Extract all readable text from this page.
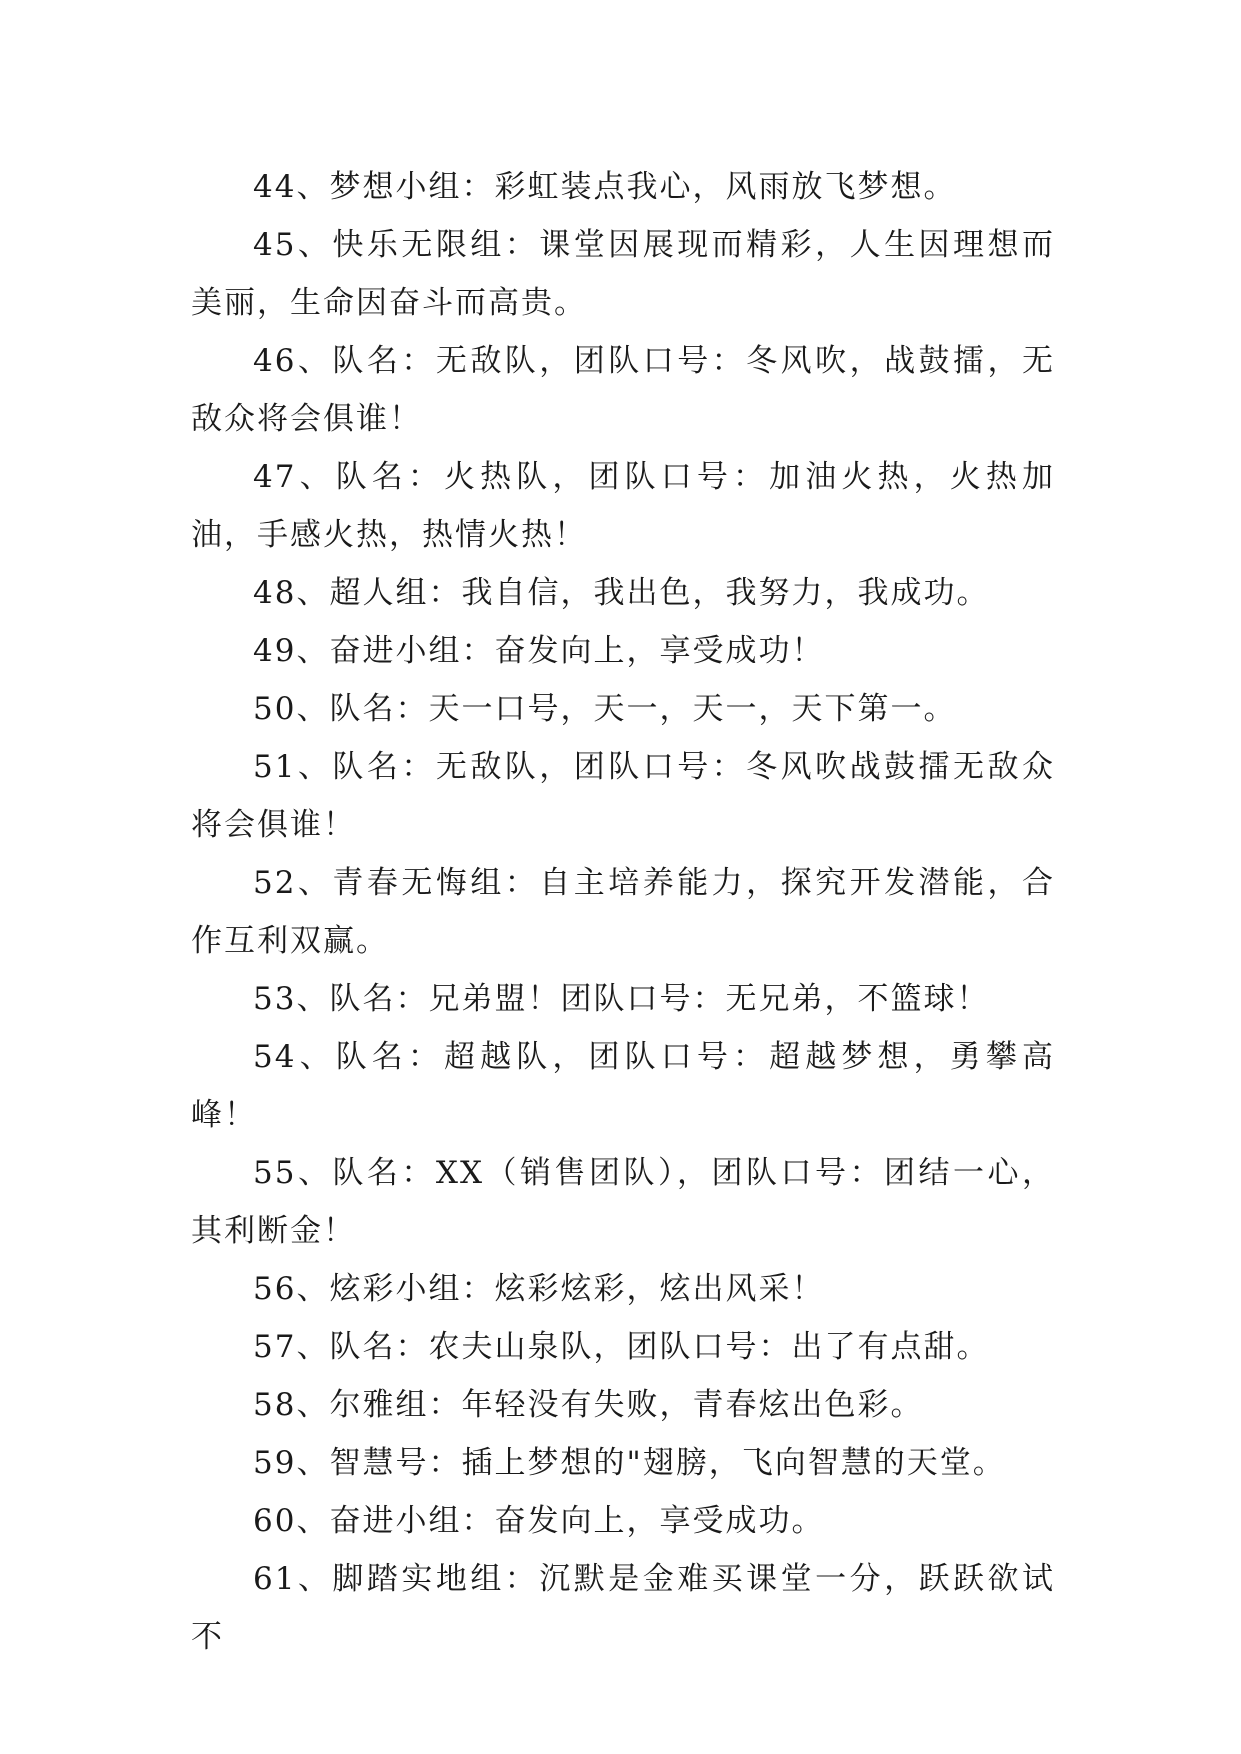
44、梦想小组：彩虹装点我心，风雨放飞梦想。

45、快乐无限组：课堂因展现而精彩，人生因理想而美丽，生命因奋斗而高贵。

46、队名：无敌队，团队口号：冬风吹，战鼓擂，无敌众将会俱谁！

47、队名：火热队，团队口号：加油火热，火热加油，手感火热，热情火热！

48、超人组：我自信，我出色，我努力，我成功。

49、奋进小组：奋发向上，享受成功！

50、队名：天一口号，天一，天一，天下第一。

51、队名：无敌队，团队口号：冬风吹战鼓擂无敌众将会俱谁！

52、青春无悔组：自主培养能力，探究开发潜能，合作互利双赢。

53、队名：兄弟盟！团队口号：无兄弟，不篮球！

54、队名：超越队，团队口号：超越梦想，勇攀高峰！

55、队名：XX（销售团队），团队口号：团结一心，其利断金！

56、炫彩小组：炫彩炫彩，炫出风采！

57、队名：农夫山泉队，团队口号：出了有点甜。

58、尔雅组：年轻没有失败，青春炫出色彩。

59、智慧号：插上梦想的"翅膀，飞向智慧的天堂。

60、奋进小组：奋发向上，享受成功。

61、脚踏实地组：沉默是金难买课堂一分，跃跃欲试不
